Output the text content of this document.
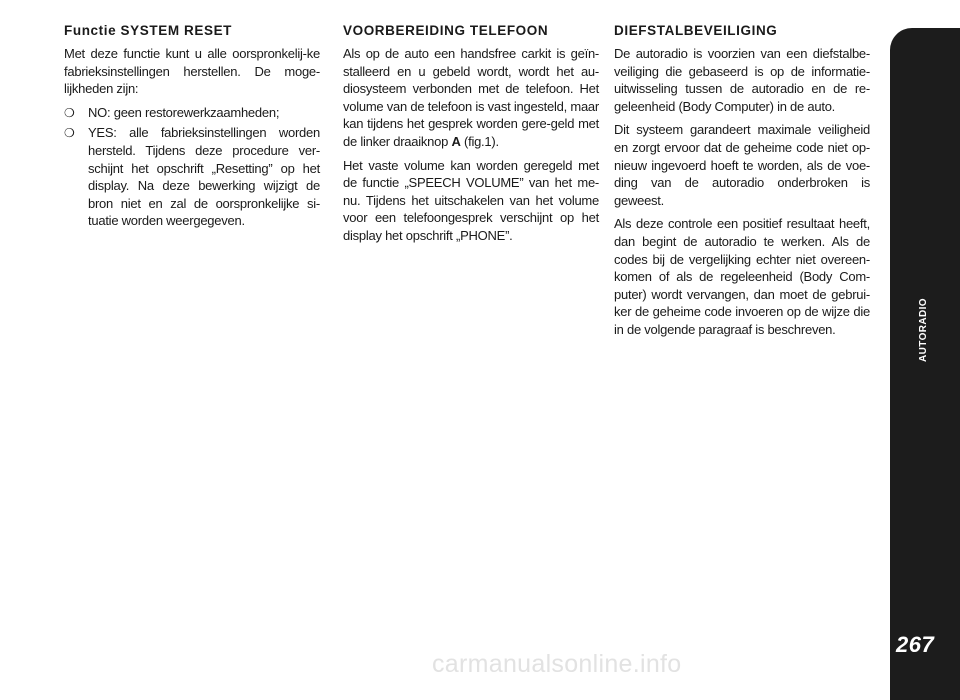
Functie SYSTEM RESET

Met deze functie kunt u alle oorspronkelij-ke fabrieksinstellingen herstellen. De moge-lijkheden zijn:

❍	NO: geen restorewerkzaamheden;
❍	YES: alle fabrieksinstellingen worden hersteld. Tijdens deze procedure ver-schijnt het opschrift „Resetting” op het display. Na deze bewerking wijzigt de bron niet en zal de oorspronkelijke si-tuatie worden weergegeven.
VOORBEREIDING TELEFOON

Als op de auto een handsfree carkit is geïn-stalleerd en u gebeld wordt, wordt het au-diosysteem verbonden met de telefoon. Het volume van de telefoon is vast ingesteld, maar kan tijdens het gesprek worden gere-geld met de linker draaiknop A (fig.1).

Het vaste volume kan worden geregeld met de functie „SPEECH VOLUME” van het me-nu. Tijdens het uitschakelen van het volume voor een telefoongesprek verschijnt op het display het opschrift „PHONE”.

DIEFSTALBEVEILIGING

De autoradio is voorzien van een diefstalbe-veiliging die gebaseerd is op de informatie-uitwisseling tussen de autoradio en de re-geleenheid (Body Computer) in de auto.

Dit systeem garandeert maximale veiligheid en zorgt ervoor dat de geheime code niet op-nieuw ingevoerd hoeft te worden, als de voe-ding van de autoradio onderbroken is geweest.

Als deze controle een positief resultaat heeft, dan begint de autoradio te werken. Als de codes bij de vergelijking echter niet overeen-komen of als de regeleenheid (Body Com-puter) wordt vervangen, dan moet de gebrui-ker de geheime code invoeren op de wijze die in de volgende paragraaf is beschreven.	AUTORADIO
267
carmanualsonline.info
